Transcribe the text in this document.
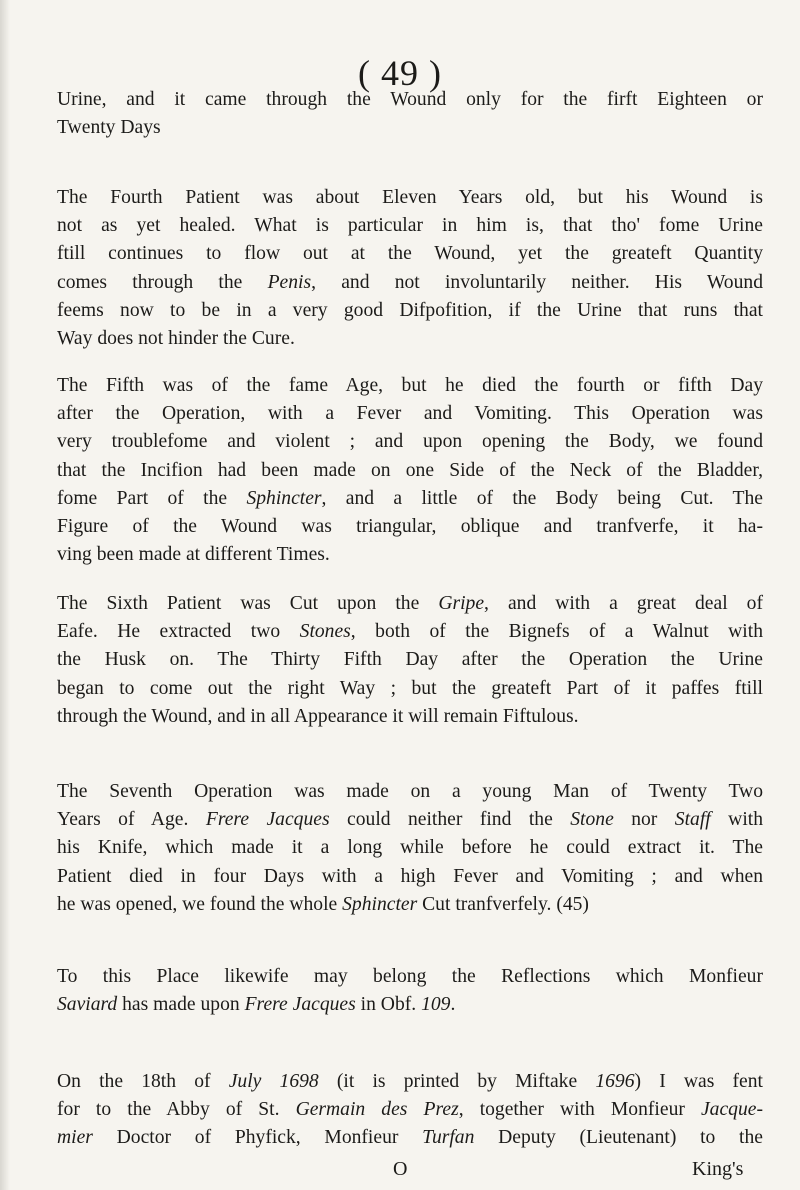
( 49 )
Urine, and it came through the Wound only for the firft Eighteen or
Twenty Days
The Fourth Patient was about Eleven Years old, but his Wound is
not as yet healed. What is particular in him is, that tho' fome Urine
ftill continues to flow out at the Wound, yet the greateft Quantity
comes through the Penis, and not involuntarily neither. His Wound
feems now to be in a very good Difpofition, if the Urine that runs that
Way does not hinder the Cure.
The Fifth was of the fame Age, but he died the fourth or fifth Day
after the Operation, with a Fever and Vomiting. This Operation was
very troublefome and violent ; and upon opening the Body, we found
that the Incifion had been made on one Side of the Neck of the Bladder,
fome Part of the Sphincter, and a little of the Body being Cut. The
Figure of the Wound was triangular, oblique and tranfverfe, it ha-
ving been made at different Times.
The Sixth Patient was Cut upon the Gripe, and with a great deal of
Eafe. He extracted two Stones, both of the Bignefs of a Walnut with
the Husk on. The Thirty Fifth Day after the Operation the Urine
began to come out the right Way ; but the greateft Part of it paffes ftill
through the Wound, and in all Appearance it will remain Fiftulous.
The Seventh Operation was made on a young Man of Twenty Two
Years of Age. Frere Jacques could neither find the Stone nor Staff with
his Knife, which made it a long while before he could extract it. The
Patient died in four Days with a high Fever and Vomiting ; and when
he was opened, we found the whole Sphincter Cut tranfverfely. (45)
To this Place likewife may belong the Reflections which Monfieur
Saviard has made upon Frere Jacques in Obf. 109.
On the 18th of July 1698 (it is printed by Miftake 1696) I was fent
for to the Abby of St. Germain des Prez, together with Monfieur Jacque-
mier Doctor of Phyfick, Monfieur Turfan Deputy (Lieutenant) to the
O	King's
